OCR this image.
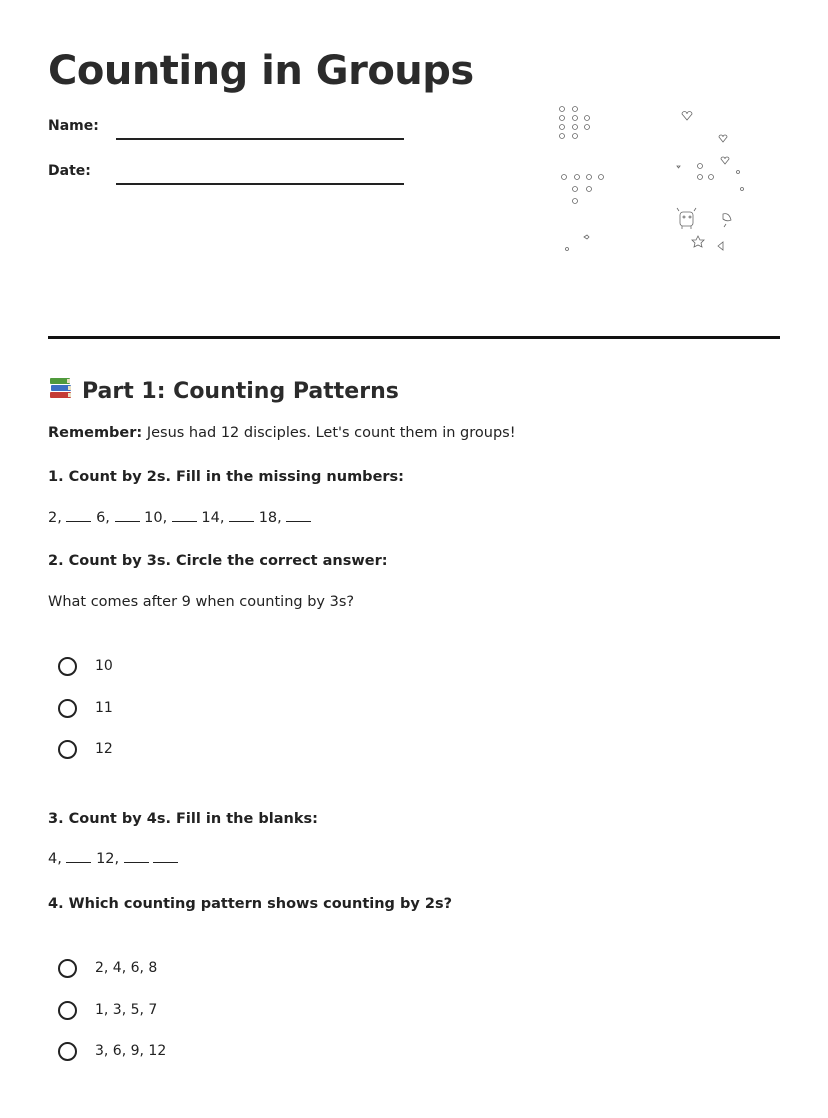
Counting in Groups
Name:
Date:
Part 1: Counting Patterns
Remember: Jesus had 12 disciples. Let's count them in groups!
1. Count by 2s. Fill in the missing numbers:
2, 6, 10, 14, 18,
2. Count by 3s. Circle the correct answer:
What comes after 9 when counting by 3s?
10
11
12
3. Count by 4s. Fill in the blanks:
4, 12,
4. Which counting pattern shows counting by 2s?
2, 4, 6, 8
1, 3, 5, 7
3, 6, 9, 12
